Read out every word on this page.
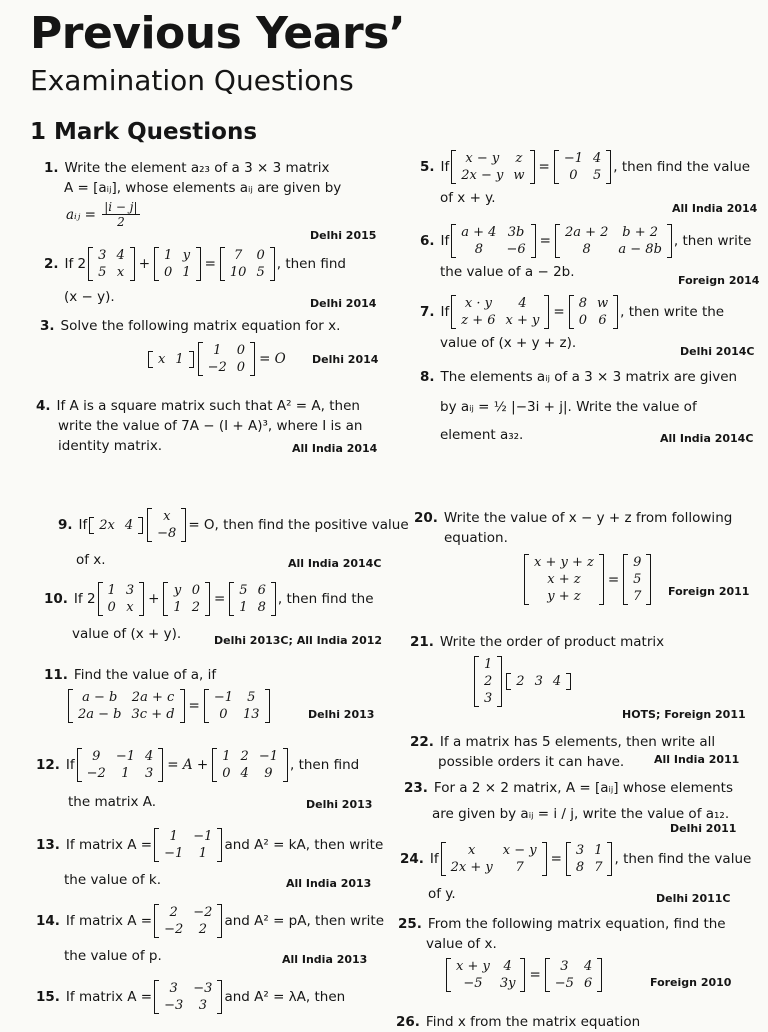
Previous Years’
Examination Questions
1 Mark Questions
1. Write the element a₂₃ of a 3 × 3 matrix
A = [aᵢⱼ], whose elements aᵢⱼ are given by
aᵢⱼ = $\frac{|i - j|}{2}$
Delhi 2015
2. If 2
3	4
5	x
+
1	y
0	1
=
7	0
10	5
, then find
(x − y).	Delhi 2014
3. Solve the following matrix equation for x.
x	1
1	0
−2	0
= O	Delhi 2014
4. If A is a square matrix such that A² = A, then
write the value of 7A − (I + A)³, where I is an
identity matrix.	All India 2014
5. If
x − y	z
2x − y	w
=
−1	4
0	5
, then find the value
of x + y.
All India 2014
6. If
a + 4	3b
8	−6
=
2a + 2	b + 2
8	a − 8b
, then write
the value of a − 2b.
Foreign 2014
7. If
x · y	4
z + 6	x + y
=
8	w
0	6
, then write the
value of (x + y + z).
Delhi 2014C
8. The elements aᵢⱼ of a 3 × 3 matrix are given
by aᵢⱼ = ½ |−3i + j|. Write the value of
element a₃₂.	All India 2014C
9. If 2x	4
x
−8
= O, then find the positive value
of x.	All India 2014C
10. If 2
1	3
0	x
+
y	0
1	2
=
5	6
1	8
, then find the
value of (x + y).	Delhi 2013C; All India 2012
11. Find the value of a, if
a − b	2a + c
2a − b	3c + d
=
−1	5
0	13	Delhi 2013
12. If
9	−1	4
−2	1	3
= A +
1	2	−1
0	4	9
, then find
the matrix A.	Delhi 2013
13. If matrix A =
1	−1
−1	1
and A² = kA, then write
the value of k.	All India 2013
14. If matrix A =
2	−2
−2	2
and A² = pA, then write
the value of p.	All India 2013
15. If matrix A =
3	−3
−3	3
and A² = λA, then
20. Write the value of x − y + z from following
equation.
x + y + z
x + z
y + z
=
9
5
7 Foreign 2011
21. Write the order of product matrix
1
2
3
2	3	4
HOTS; Foreign 2011
22. If a matrix has 5 elements, then write all
possible orders it can have.	All India 2011
23. For a 2 × 2 matrix, A = [aᵢⱼ] whose elements
are given by aᵢⱼ = i / j, write the value of a₁₂.
Delhi 2011
24. If
x	x − y
2x + y	7
=
3	1
8	7
, then find the value
of y.	Delhi 2011C
25. From the following matrix equation, find the
value of x.
x + y	4
−5	3y
=
3	4
−5	6	Foreign 2010
26. Find x from the matrix equation
